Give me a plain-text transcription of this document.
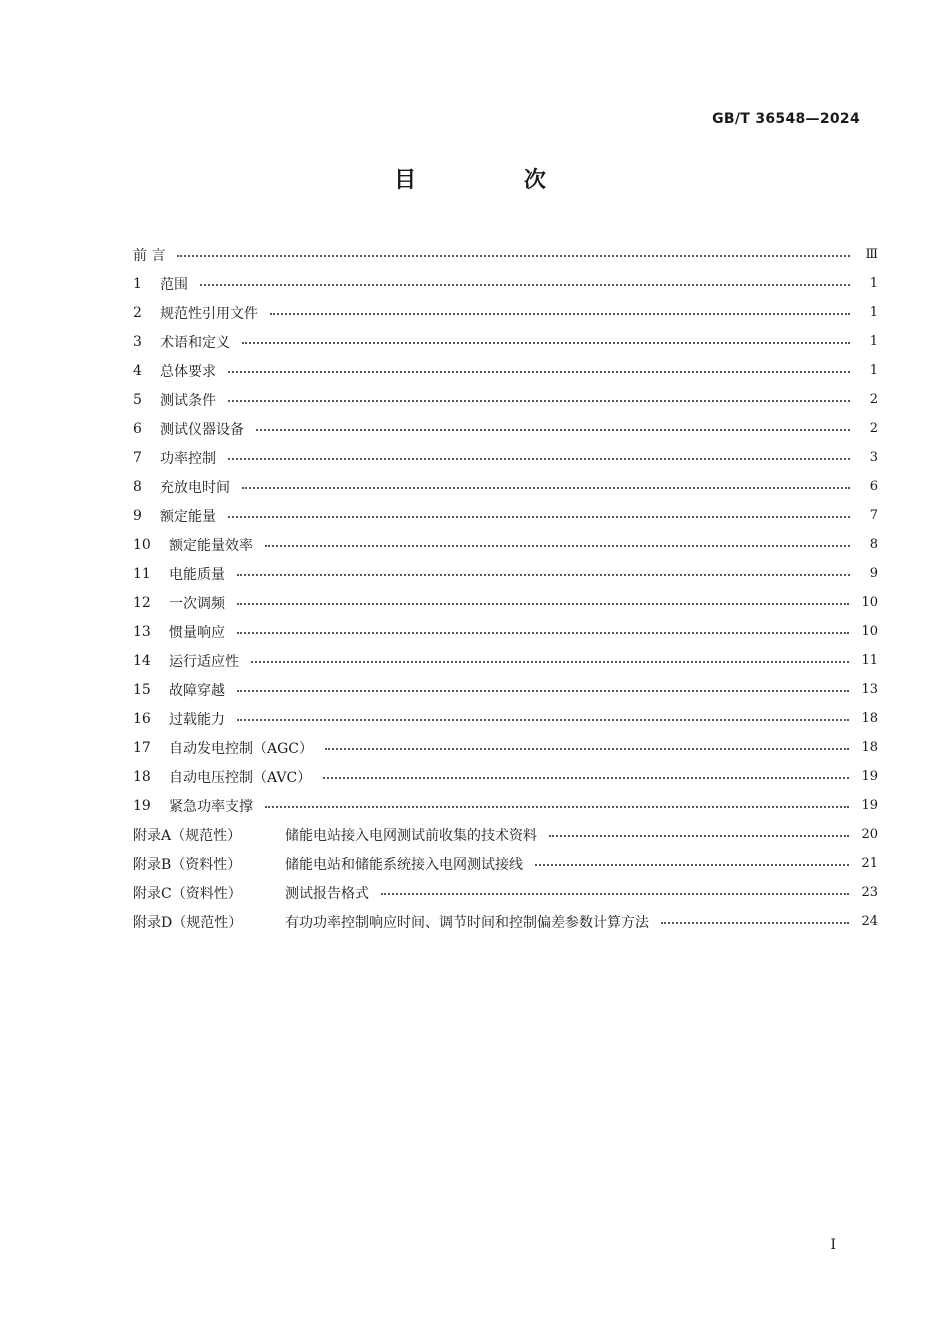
GB/T 36548—2024
目 次
前 言	Ⅲ
1	范围	1
2	规范性引用文件	1
3	术语和定义	1
4	总体要求	1
5	测试条件	2
6	测试仪器设备	2
7	功率控制	3
8	充放电时间	6
9	额定能量	7
10	额定能量效率	8
11	电能质量	9
12	一次调频	10
13	惯量响应	10
14	运行适应性	11
15	故障穿越	13
16	过载能力	18
17	自动发电控制（AGC）	18
18	自动电压控制（AVC）	19
19	紧急功率支撑	19
附录A（规范性）	储能电站接入电网测试前收集的技术资料	20
附录B（资料性）	储能电站和储能系统接入电网测试接线	21
附录C（资料性）	测试报告格式	23
附录D（规范性）	有功功率控制响应时间、调节时间和控制偏差参数计算方法	24
Ⅰ
